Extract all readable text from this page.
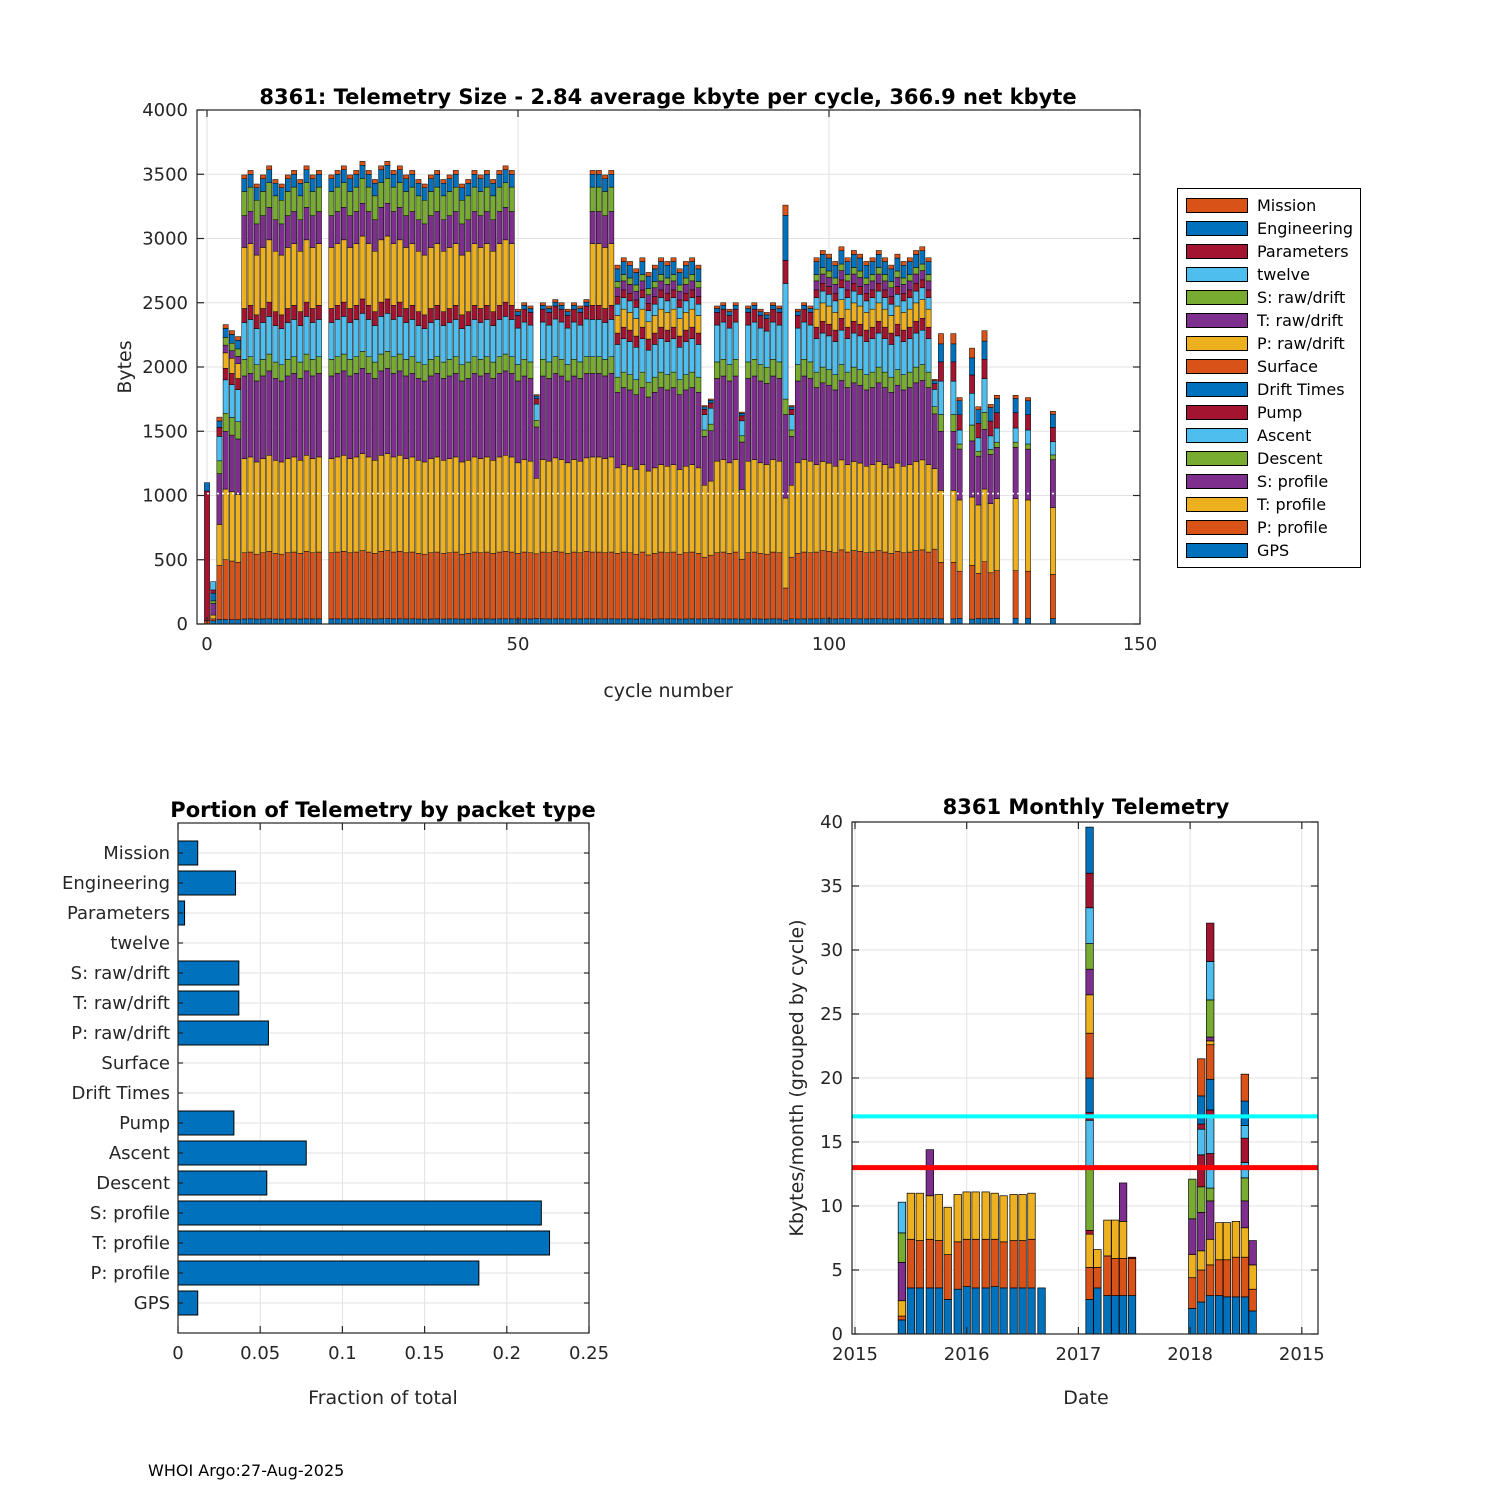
0	50	100	150
0
500
1000
1500
2000
2500
3000
3500
4000
0	0.05	0.1	0.15	0.2	0.25
Mission
Engineering
Parameters
twelve
S: raw/drift
T: raw/drift
P: raw/drift
Surface
Drift Times
Pump
Ascent
Descent
S: profile
T: profile
P: profile
GPS
2015	2016	2017	2018	2015
0
5
10
15
20
25
30
35
40
8361: Telemetry Size - 2.84 average kbyte per cycle, 366.9 net kbyte
cycle number
Bytes
Portion of Telemetry by packet type
Fraction of total
8361 Monthly Telemetry
Date
Kbytes/month (grouped by cycle)
WHOI Argo:27-Aug-2025
Mission
Engineering
Parameters
twelve
S: raw/drift
T: raw/drift
P: raw/drift
Surface
Drift Times
Pump
Ascent
Descent
S: profile
T: profile
P: profile
GPS
